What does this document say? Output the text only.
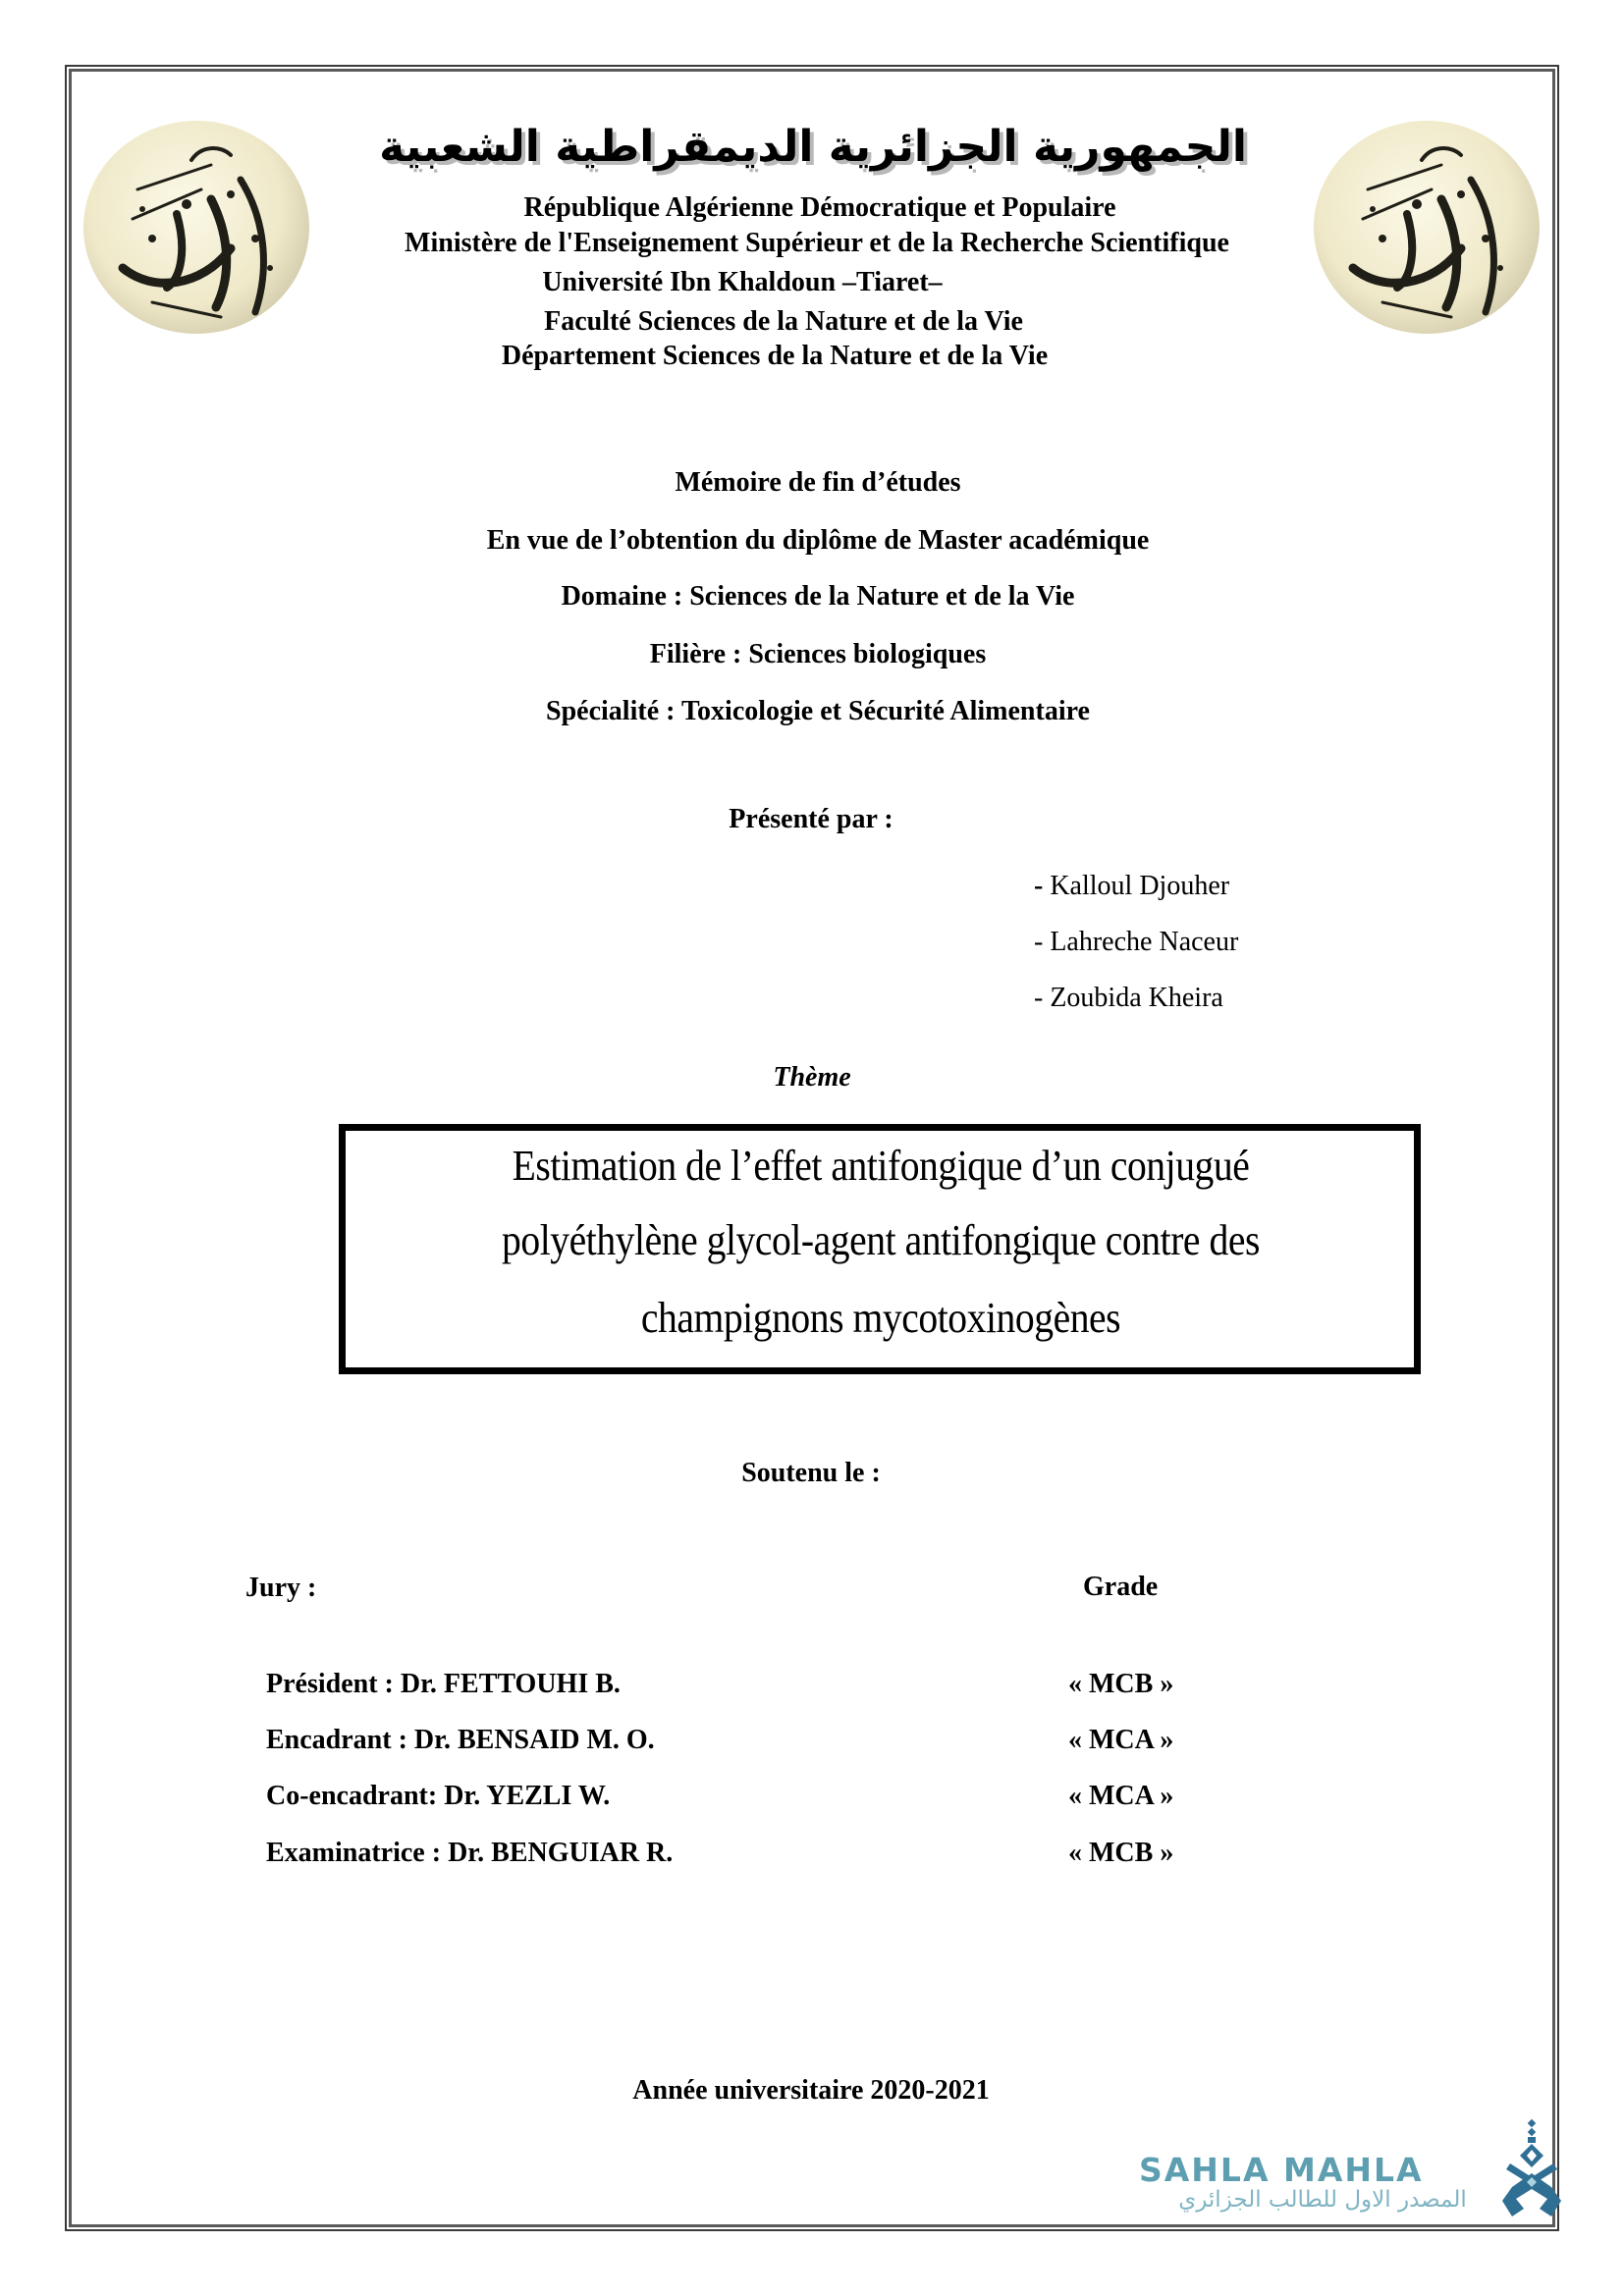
الجمهورية الجزائرية الديمقراطية الشعبية
République Algérienne Démocratique et Populaire
Ministère de l'Enseignement Supérieur et de la Recherche Scientifique
Université Ibn Khaldoun –Tiaret–
Faculté Sciences de la Nature et de la Vie
Département Sciences de la Nature et de la Vie
Mémoire de fin d’études
En vue de l’obtention du diplôme de Master académique
Domaine : Sciences de la Nature et de la Vie
Filière : Sciences biologiques
Spécialité : Toxicologie et Sécurité Alimentaire
Présenté par :
- Kalloul Djouher
- Lahreche Naceur
- Zoubida Kheira
Thème
Estimation de l’effet antifongique d’un conjugué
polyéthylène glycol-agent antifongique contre des
champignons mycotoxinogènes
Soutenu le :
Jury :	Grade
Président : Dr. FETTOUHI B.	« MCB »
Encadrant : Dr. BENSAID M. O.	« MCA »
Co-encadrant: Dr. YEZLI W.	« MCA »
Examinatrice : Dr. BENGUIAR R.	« MCB »
Année universitaire 2020-2021
SAHLA MAHLA
المصدر الاول للطالب الجزائري
